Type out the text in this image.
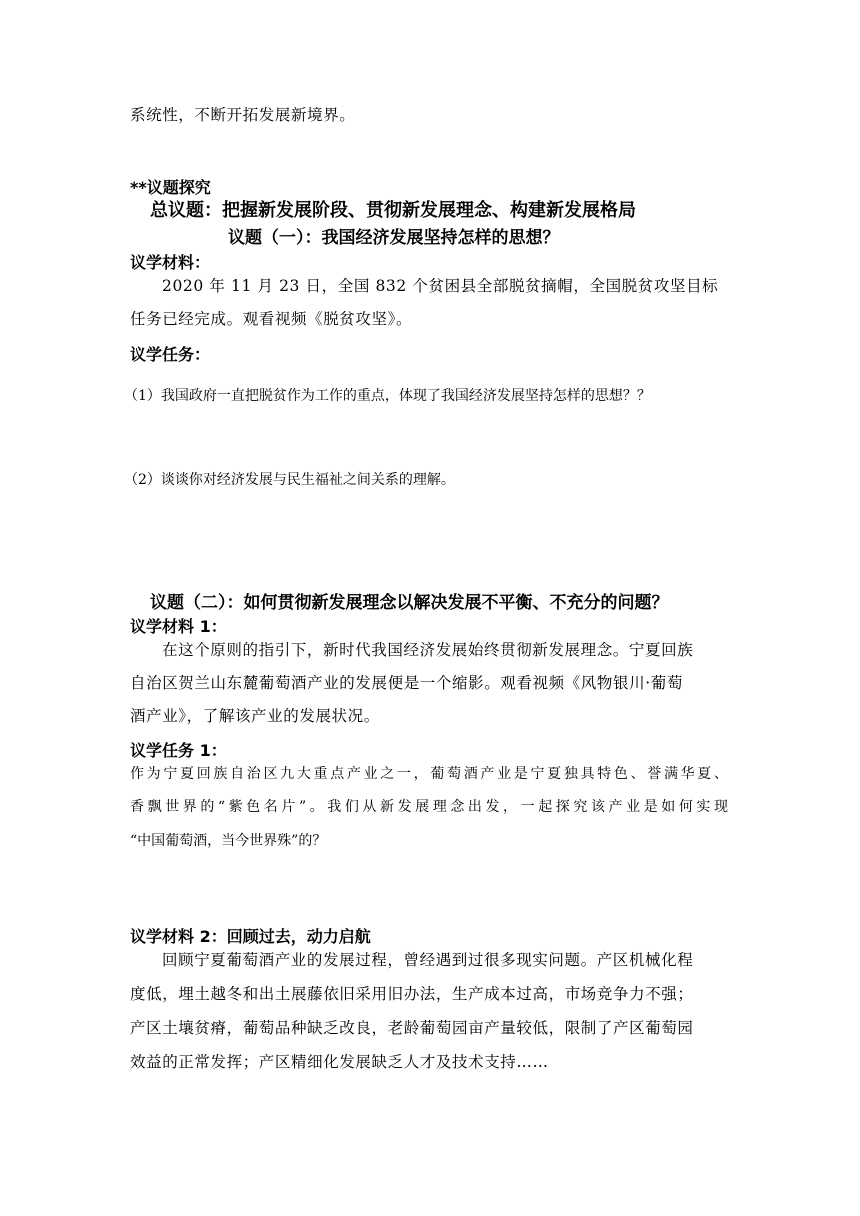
系统性，不断开拓发展新境界。
**议题探究
总议题：把握新发展阶段、贯彻新发展理念、构建新发展格局
议题（一）：我国经济发展坚持怎样的思想？
议学材料：
2020 年 11 月 23 日，全国 832 个贫困县全部脱贫摘帽，全国脱贫攻坚目标
任务已经完成。观看视频《脱贫攻坚》。
议学任务：
（1）我国政府一直把脱贫作为工作的重点，体现了我国经济发展坚持怎样的思想？？
（2）谈谈你对经济发展与民生福祉之间关系的理解。
议题（二）：如何贯彻新发展理念以解决发展不平衡、不充分的问题？
议学材料 1：
在这个原则的指引下，新时代我国经济发展始终贯彻新发展理念。宁夏回族
自治区贺兰山东麓葡萄酒产业的发展便是一个缩影。观看视频《风物银川·葡萄
酒产业》，了解该产业的发展状况。
议学任务 1：
作为宁夏回族自治区九大重点产业之一，葡萄酒产业是宁夏独具特色、誉满华夏、
香飘世界的“紫色名片”。我们从新发展理念出发，一起探究该产业是如何实现
“中国葡萄酒，当今世界殊”的？
议学材料 2：回顾过去，动力启航
回顾宁夏葡萄酒产业的发展过程，曾经遇到过很多现实问题。产区机械化程
度低，埋土越冬和出土展藤依旧采用旧办法，生产成本过高，市场竞争力不强；
产区土壤贫瘠，葡萄品种缺乏改良，老龄葡萄园亩产量较低，限制了产区葡萄园
效益的正常发挥；产区精细化发展缺乏人才及技术支持……
